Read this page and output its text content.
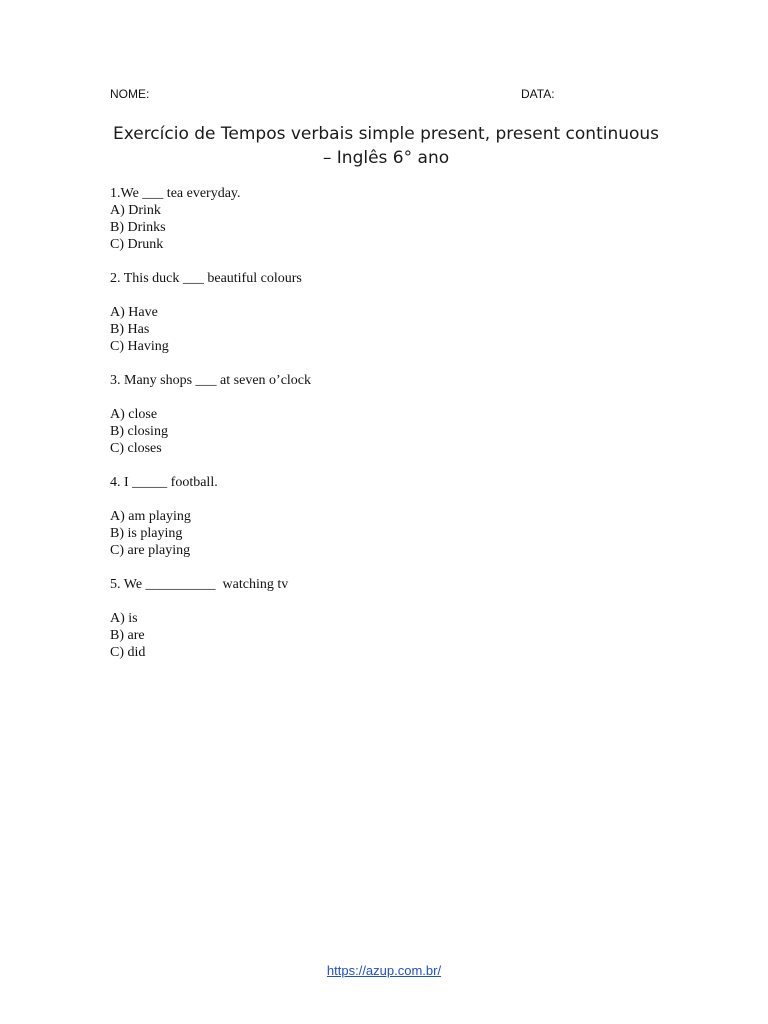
NOME:	DATA:
Exercício de Tempos verbais simple present, present continuous
– Inglês 6° ano

1.We ___ tea everyday.

A) Drink

B) Drinks

C) Drunk

2. This duck ___ beautiful colours

A) Have

B) Has

C) Having

3. Many shops ___ at seven o’clock

A) close

B) closing

C) closes

4. I _____ football.

A) am playing

B) is playing

C) are playing

5. We __________  watching tv

A) is

B) are

C) did

https://azup.com.br/
